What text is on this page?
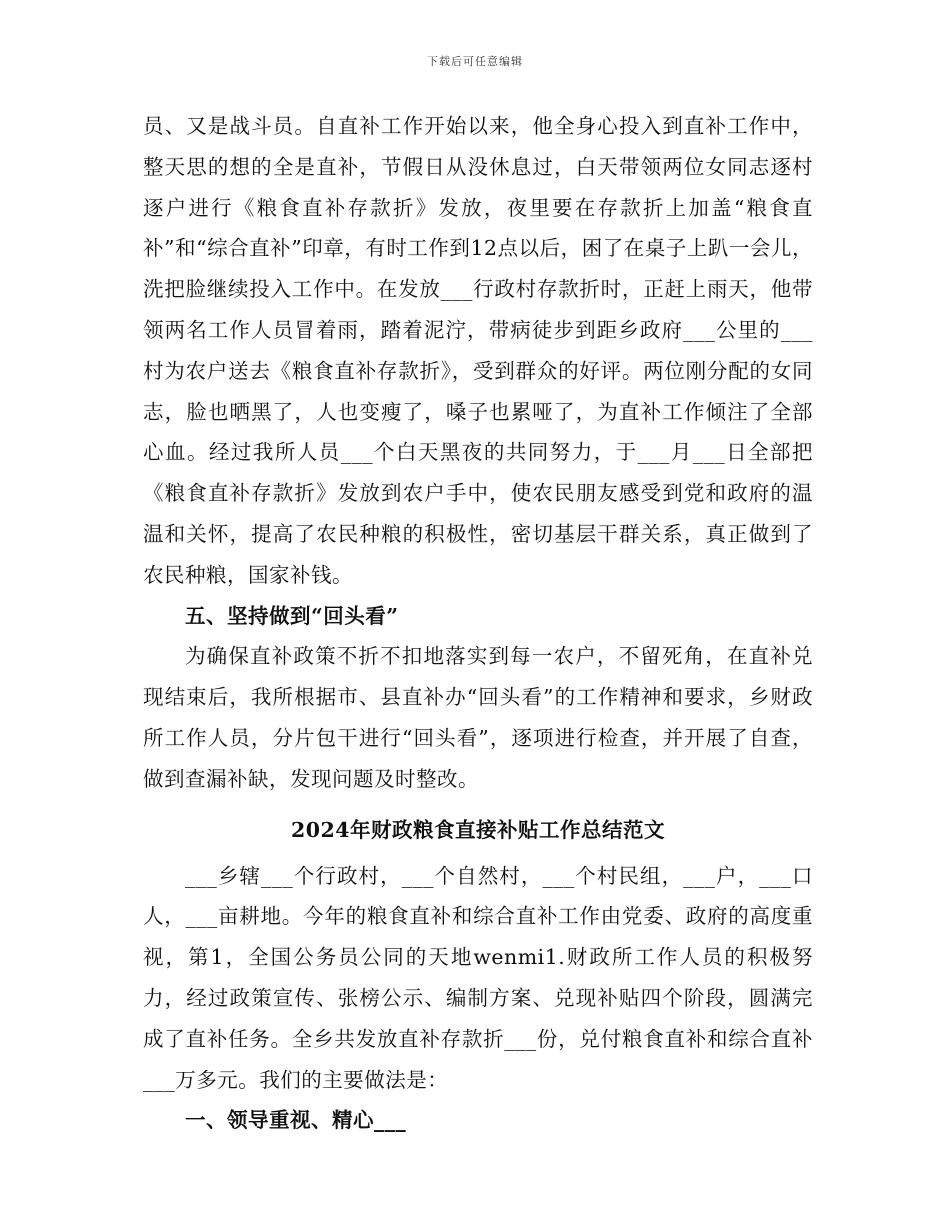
下载后可任意编辑

员、又是战斗员。自直补工作开始以来，他全身心投入到直补工作中，整天思的想的全是直补，节假日从没休息过，白天带领两位女同志逐村逐户进行《粮食直补存款折》发放，夜里要在存款折上加盖“粮食直补”和“综合直补”印章，有时工作到12点以后，困了在桌子上趴一会儿，洗把脸继续投入工作中。在发放___行政村存款折时，正赶上雨天，他带领两名工作人员冒着雨，踏着泥泞，带病徒步到距乡政府___公里的___村为农户送去《粮食直补存款折》，受到群众的好评。两位刚分配的女同志，脸也晒黑了，人也变瘦了，嗓子也累哑了，为直补工作倾注了全部心血。经过我所人员___个白天黑夜的共同努力，于___月___日全部把《粮食直补存款折》发放到农户手中，使农民朋友感受到党和政府的温温和关怀，提高了农民种粮的积极性，密切基层干群关系，真正做到了农民种粮，国家补钱。

五、坚持做到“回头看”

为确保直补政策不折不扣地落实到每一农户，不留死角，在直补兑现结束后，我所根据市、县直补办“回头看”的工作精神和要求，乡财政所工作人员，分片包干进行“回头看”，逐项进行检查，并开展了自查，做到查漏补缺，发现问题及时整改。

2024年财政粮食直接补贴工作总结范文

___乡辖___个行政村，___个自然村，___个村民组，___户，___口人，___亩耕地。今年的粮食直补和综合直补工作由党委、政府的高度重视，第1，全国公务员公同的天地wenmi1.财政所工作人员的积极努力，经过政策宣传、张榜公示、编制方案、兑现补贴四个阶段，圆满完成了直补任务。全乡共发放直补存款折___份，兑付粮食直补和综合直补___万多元。我们的主要做法是：

一、领导重视、精心___
